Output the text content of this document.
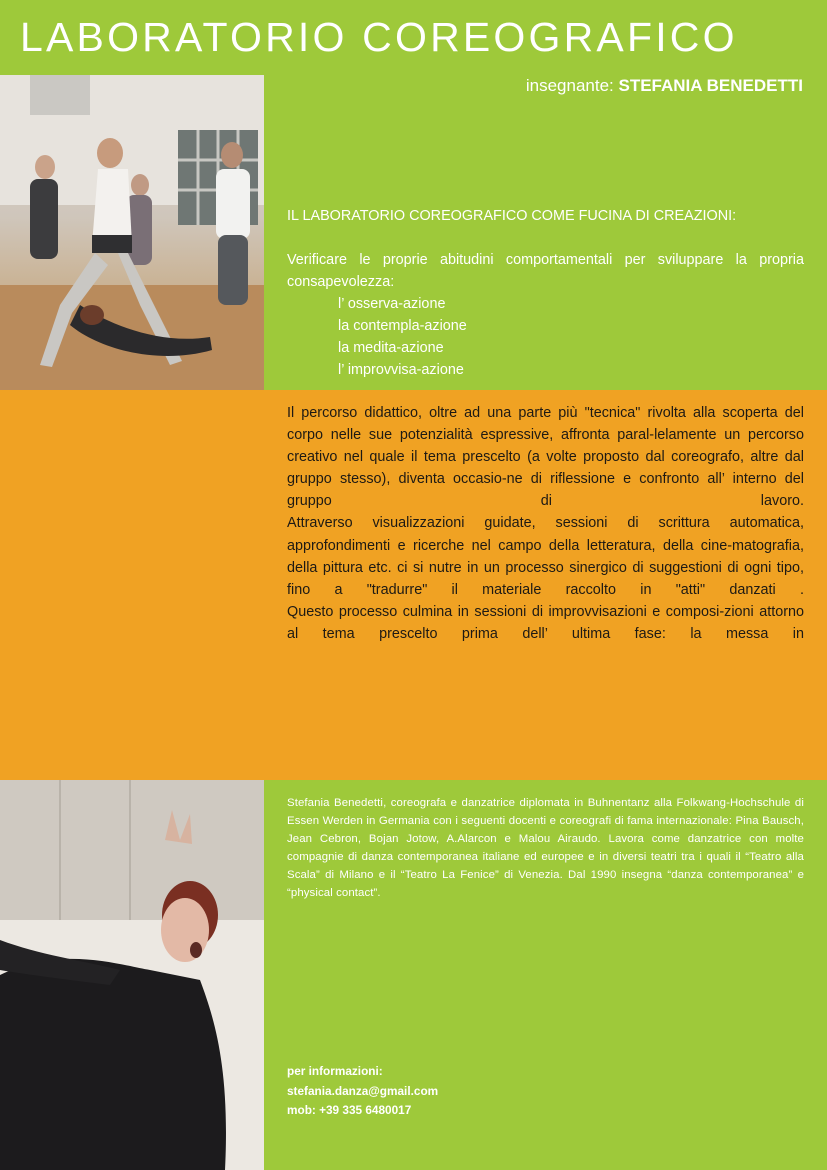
LABORATORIO COREOGRAFICO
insegnante: STEFANIA BENEDETTI

IL LABORATORIO COREOGRAFICO COME FUCINA DI CREAZIONI:

Verificare le proprie abitudini comportamentali per sviluppare la propria consapevolezza:

l’ osserva-azione
la contempla-azione
la medita-azione
l’ improvvisa-azione

Il percorso didattico, oltre ad una parte più "tecnica" rivolta alla scoperta del corpo nelle sue potenzialità espressive, affronta paral-lelamente un percorso creativo nel quale il tema prescelto (a volte proposto dal coreografo, altre dal gruppo stesso), diventa occasio-ne di riflessione e confronto all’ interno del gruppo di lavoro.

Attraverso visualizzazioni guidate, sessioni di scrittura automatica, approfondimenti e ricerche nel campo della letteratura, della cine-matografia, della pittura etc. ci si nutre in un processo sinergico di suggestioni di ogni tipo, fino a "tradurre" il materiale raccolto in "atti" danzati .

Questo processo culmina in sessioni di improvvisazioni e composi-zioni attorno al tema prescelto prima dell’ ultima fase: la messa in

Stefania Benedetti, coreografa e danzatrice diplomata in Buhnentanz alla Folkwang-Hochschule di Essen Werden in Germania con i seguenti docenti e coreografi di fama internazionale: Pina Bausch, Jean Cebron, Bojan Jotow, A.Alarcon e Malou Airaudo. Lavora come danzatrice con molte compagnie di danza contemporanea italiane ed europee e in diversi teatri tra i quali il “Teatro alla Scala” di Milano e il “Teatro La Fenice” di Venezia. Dal 1990 insegna “danza contemporanea” e “physical contact”.
per informazioni:
stefania.danza@gmail.com
mob: +39 335 6480017
